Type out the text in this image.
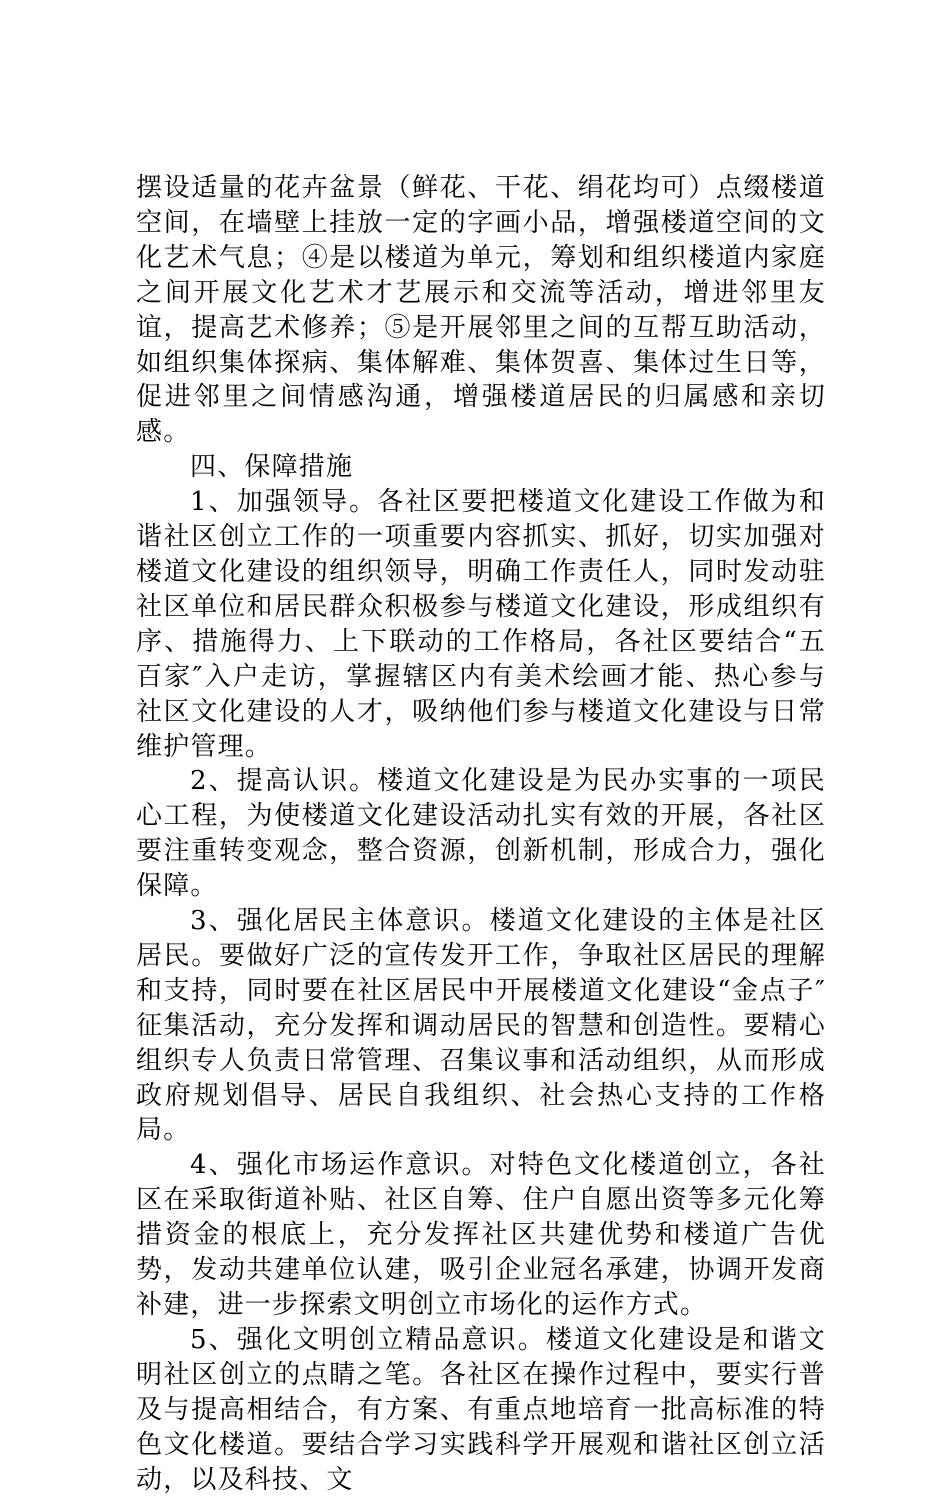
摆设适量的花卉盆景（鲜花、干花、绢花均可）点缀楼道空间，在墙壁上挂放一定的字画小品，增强楼道空间的文化艺术气息；④是以楼道为单元，筹划和组织楼道内家庭之间开展文化艺术才艺展示和交流等活动，增进邻里友谊，提高艺术修养；⑤是开展邻里之间的互帮互助活动，如组织集体探病、集体解难、集体贺喜、集体过生日等，促进邻里之间情感沟通，增强楼道居民的归属感和亲切感。

四、保障措施

1、加强领导。各社区要把楼道文化建设工作做为和谐社区创立工作的一项重要内容抓实、抓好，切实加强对楼道文化建设的组织领导，明确工作责任人，同时发动驻社区单位和居民群众积极参与楼道文化建设，形成组织有序、措施得力、上下联动的工作格局，各社区要结合“五百家″入户走访，掌握辖区内有美术绘画才能、热心参与社区文化建设的人才，吸纳他们参与楼道文化建设与日常维护管理。

2、提高认识。楼道文化建设是为民办实事的一项民心工程，为使楼道文化建设活动扎实有效的开展，各社区要注重转变观念，整合资源，创新机制，形成合力，强化保障。

3、强化居民主体意识。楼道文化建设的主体是社区居民。要做好广泛的宣传发开工作，争取社区居民的理解和支持，同时要在社区居民中开展楼道文化建设“金点子″征集活动，充分发挥和调动居民的智慧和创造性。要精心组织专人负责日常管理、召集议事和活动组织，从而形成政府规划倡导、居民自我组织、社会热心支持的工作格局。

4、强化市场运作意识。对特色文化楼道创立，各社区在采取街道补贴、社区自筹、住户自愿出资等多元化筹措资金的根底上，充分发挥社区共建优势和楼道广告优势，发动共建单位认建，吸引企业冠名承建，协调开发商补建，进一步探索文明创立市场化的运作方式。

5、强化文明创立精品意识。楼道文化建设是和谐文明社区创立的点睛之笔。各社区在操作过程中，要实行普及与提高相结合，有方案、有重点地培育一批高标准的特色文化楼道。要结合学习实践科学开展观和谐社区创立活动，以及科技、文
